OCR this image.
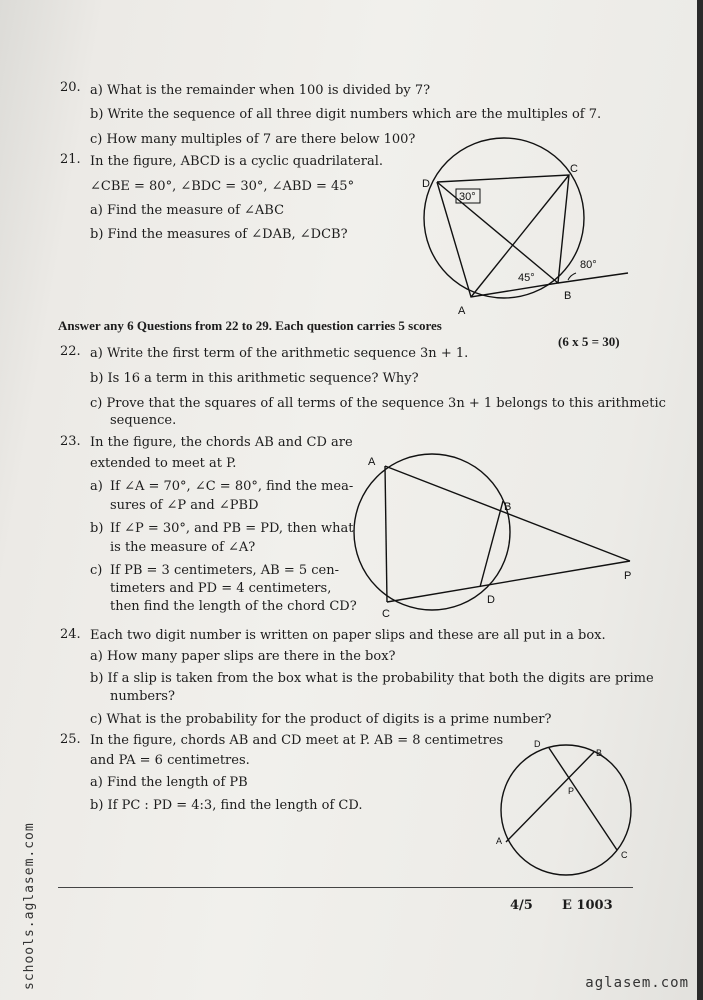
20. a) What is the remainder when 100 is divided by 7?
b) Write the sequence of all three digit numbers which are the multiples of 7.
c) How many multiples of 7 are there below 100?
21. In the figure, ABCD is a cyclic quadrilateral.
∠CBE = 80°, ∠BDC = 30°, ∠ABD = 45°
a) Find the measure of ∠ABC
b) Find the measures of ∠DAB, ∠DCB?
D
C
A
B
30°
45°
80°
Answer any 6 Questions from 22 to 29. Each question carries 5 scores
(6 x 5 = 30)
22. a) Write the first term of the arithmetic sequence 3n + 1.
b) Is 16 a term in this arithmetic sequence? Why?
c) Prove that the squares of all terms of the sequence 3n + 1 belongs to this arithmetic
sequence.
23. In the figure, the chords AB and CD are
extended to meet at P.
a) If ∠A = 70°, ∠C = 80°, find the mea-
sures of ∠P and ∠PBD
b) If ∠P = 30°, and PB = PD, then what
is the measure of ∠A?
c) If PB = 3 centimeters, AB = 5 cen-
timeters and PD = 4 centimeters,
then find the length of the chord CD?
A
B
C
D
P
24. Each two digit number is written on paper slips and these are all put in a box.
a) How many paper slips are there in the box?
b) If a slip is taken from the box what is the probability that both the digits are prime
numbers?
c) What is the probability for the product of digits is a prime number?
25. In the figure, chords AB and CD meet at P. AB = 8 centimetres
and PA = 6 centimetres.
a) Find the length of PB
b) If PC : PD = 4:3, find the length of CD.
D
B
P
A
C
4/5 E 1003
schools.aglasem.com	aglasem.com
